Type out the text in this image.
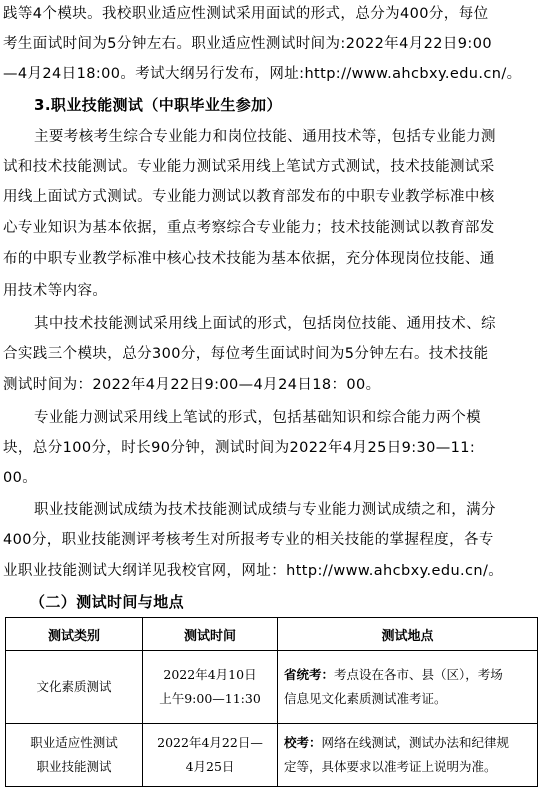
践等4个模块。我校职业适应性测试采用面试的形式，总分为400分，每位
考生面试时间为5分钟左右。职业适应性测试时间为:2022年4月22日9:00
—4月24日18:00。考试大纲另行发布，网址:http://www.ahcbxy.edu.cn/。
3.职业技能测试（中职毕业生参加）
主要考核考生综合专业能力和岗位技能、通用技术等，包括专业能力测
试和技术技能测试。专业能力测试采用线上笔试方式测试，技术技能测试采
用线上面试方式测试。专业能力测试以教育部发布的中职专业教学标准中核
心专业知识为基本依据，重点考察综合专业能力；技术技能测试以教育部发
布的中职专业教学标准中核心技术技能为基本依据，充分体现岗位技能、通
用技术等内容。
其中技术技能测试采用线上面试的形式，包括岗位技能、通用技术、综
合实践三个模块，总分300分，每位考生面试时间为5分钟左右。技术技能
测试时间为：2022年4月22日9:00—4月24日18：00。
专业能力测试采用线上笔试的形式，包括基础知识和综合能力两个模
块，总分100分，时长90分钟，测试时间为2022年4月25日9:30—11:
00。
职业技能测试成绩为技术技能测试成绩与专业能力测试成绩之和，满分
400分，职业技能测评考核考生对所报考专业的相关技能的掌握程度，各专
业职业技能测试大纲详见我校官网，网址：http://www.ahcbxy.edu.cn/。
（二）测试时间与地点
测试类别	测试时间	测试地点

文化素质测试	2022年4月10日
上午9:00—11:30	省统考：考点设在各市、县（区），考场
信息见文化素质测试准考证。

职业适应性测试
职业技能测试	2022年4月22日—
4月25日	校考：网络在线测试，测试办法和纪律规
定等，具体要求以准考证上说明为准。
